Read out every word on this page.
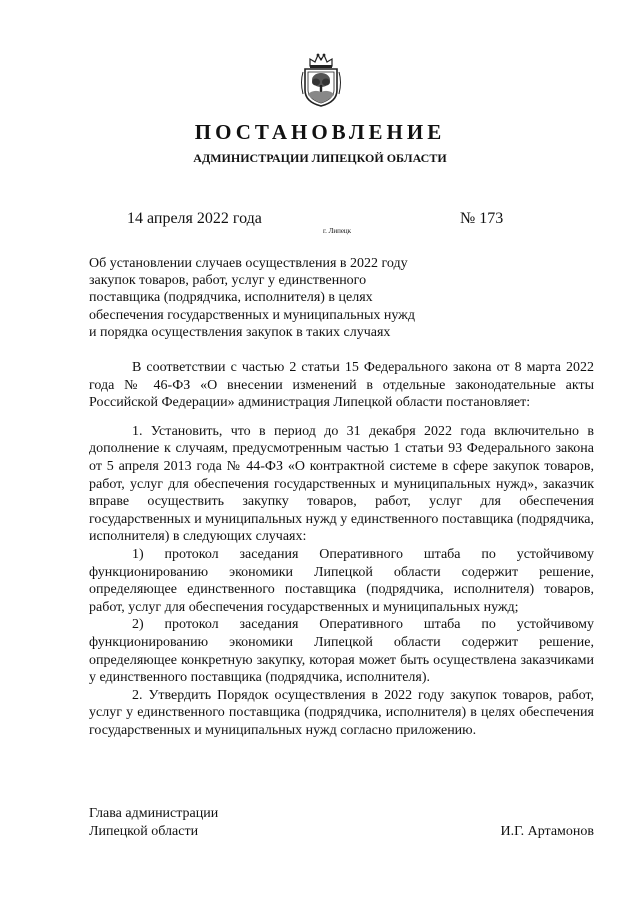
ПОСТАНОВЛЕНИЕ
АДМИНИСТРАЦИИ ЛИПЕЦКОЙ ОБЛАСТИ
14 апреля 2022 года
г. Липецк
№ 173
Об установлении случаев осуществления в 2022 году
закупок товаров, работ, услуг у единственного
поставщика (подрядчика, исполнителя) в целях
обеспечения государственных и муниципальных нужд
и порядка осуществления закупок в таких случаях

В соответствии с частью 2 статьи 15 Федерального закона от 8 марта 2022 года № 46-ФЗ «О внесении изменений в отдельные законодательные акты Российской Федерации» администрация Липецкой области постановляет:

1. Установить, что в период до 31 декабря 2022 года включительно в дополнение к случаям, предусмотренным частью 1 статьи 93 Федерального закона от 5 апреля 2013 года № 44-ФЗ «О контрактной системе в сфере закупок товаров, работ, услуг для обеспечения государственных и муниципальных нужд», заказчик вправе осуществить закупку товаров, работ, услуг для обеспечения государственных и муниципальных нужд у единственного поставщика (подрядчика, исполнителя) в следующих случаях:

1) протокол заседания Оперативного штаба по устойчивому функционированию экономики Липецкой области содержит решение, определяющее единственного поставщика (подрядчика, исполнителя) товаров, работ, услуг для обеспечения государственных и муниципальных нужд;

2) протокол заседания Оперативного штаба по устойчивому функционированию экономики Липецкой области содержит решение, определяющее конкретную закупку, которая может быть осуществлена заказчиками у единственного поставщика (подрядчика, исполнителя).

2. Утвердить Порядок осуществления в 2022 году закупок товаров, работ, услуг у единственного поставщика (подрядчика, исполнителя) в целях обеспечения государственных и муниципальных нужд согласно приложению.

Глава администрации
Липецкой области	И.Г. Артамонов
